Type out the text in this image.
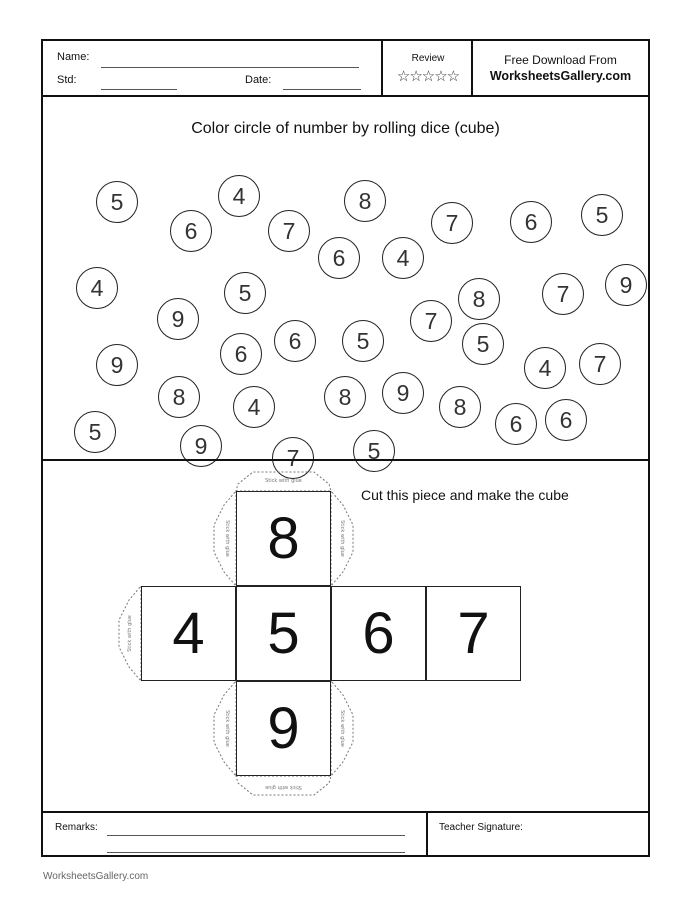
Name:
Std:	Date:
Review
☆☆☆☆☆
Free Download From
WorksheetsGallery.com
Color circle of number by rolling dice (cube)
5
6
4
7
8
7	6	5
6	4
4
9
5	8	7	9
7
6	5
9	6	5
4	7
8	4	8	9
8
6	6
5
9	7	5
Cut this piece and make the cube
Stick with glue
Stick with glue	Stick with glue
Stick with glue
Stick with glue	Stick with glue
Stick with glue
8
4	5	6	7
9
Remarks:	Teacher Signature:
WorksheetsGallery.com
